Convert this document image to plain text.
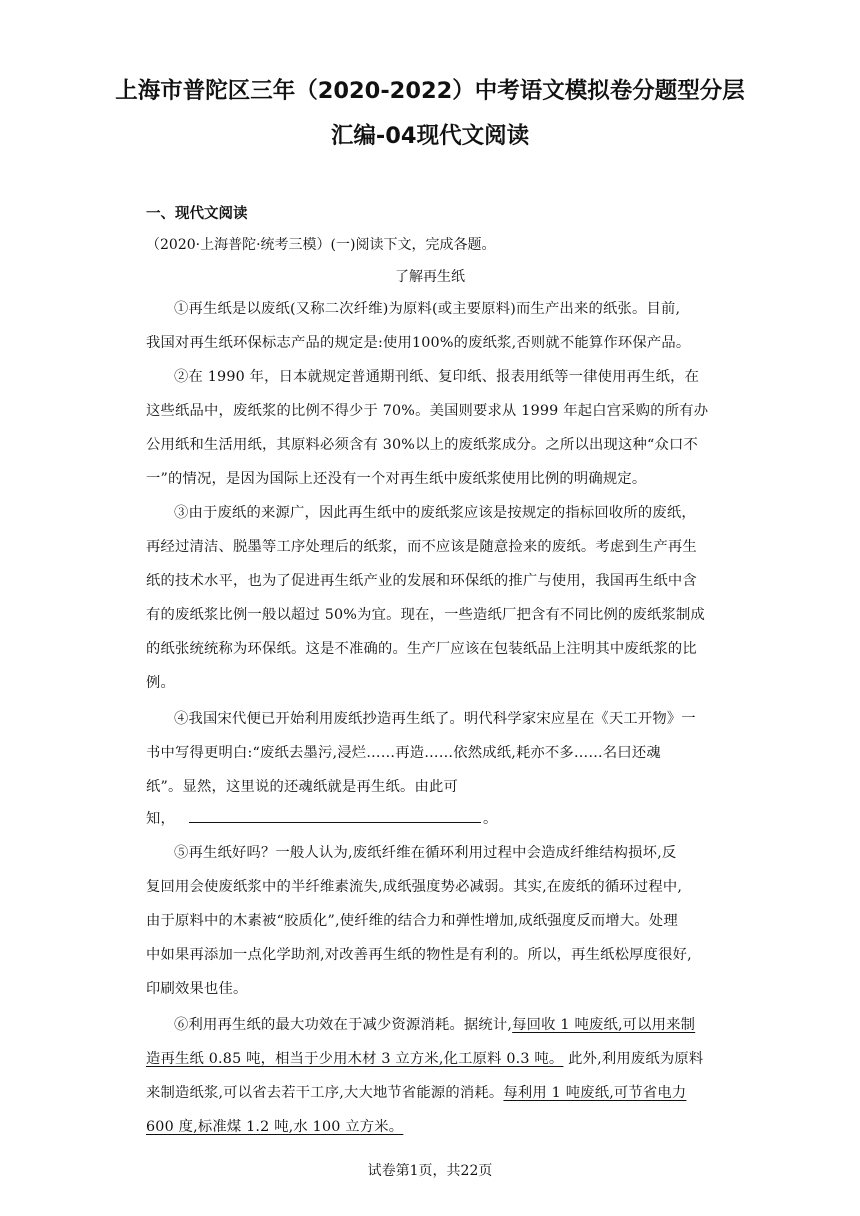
上海市普陀区三年（2020-2022）中考语文模拟卷分题型分层
汇编-04现代文阅读
一、现代文阅读
（2020·上海普陀·统考三模）(一)阅读下文，完成各题。
了解再生纸
①再生纸是以废纸(又称二次纤维)为原料(或主要原料)而生产出来的纸张。目前,
我国对再生纸环保标志产品的规定是:使用100%的废纸浆,否则就不能算作环保产品。
②在 1990 年，日本就规定普通期刊纸、复印纸、报表用纸等一律使用再生纸，在
这些纸品中，废纸浆的比例不得少于 70%。美国则要求从 1999 年起白宫采购的所有办
公用纸和生活用纸，其原料必须含有 30%以上的废纸浆成分。之所以出现这种“众口不
一”的情况，是因为国际上还没有一个对再生纸中废纸浆使用比例的明确规定。
③由于废纸的来源广，因此再生纸中的废纸浆应该是按规定的指标回收所的废纸，
再经过清洁、脱墨等工序处理后的纸浆，而不应该是随意捡来的废纸。考虑到生产再生
纸的技术水平，也为了促进再生纸产业的发展和环保纸的推广与使用，我国再生纸中含
有的废纸浆比例一般以超过 50%为宜。现在，一些造纸厂把含有不同比例的废纸浆制成
的纸张统统称为环保纸。这是不准确的。生产厂应该在包装纸品上注明其中废纸浆的比
例。
④我国宋代便已开始利用废纸抄造再生纸了。明代科学家宋应星在《天工开物》一
书中写得更明白:“废纸去墨污,浸烂……再造……依然成纸,耗亦不多……名曰还魂
纸”。显然，这里说的还魂纸就是再生纸。由此可
知，	。
⑤再生纸好吗？一般人认为,废纸纤维在循环利用过程中会造成纤维结构损坏,反
复回用会使废纸浆中的半纤维素流失,成纸强度势必减弱。其实,在废纸的循环过程中,
由于原料中的木素被“胶质化”,使纤维的结合力和弹性增加,成纸强度反而增大。处理
中如果再添加一点化学助剂,对改善再生纸的物性是有利的。所以，再生纸松厚度很好,
印刷效果也佳。
⑥利用再生纸的最大功效在于减少资源消耗。据统计,每回收 1 吨废纸,可以用来制
造再生纸 0.85 吨，相当于少用木材 3 立方米,化工原料 0.3 吨。 此外,利用废纸为原料
来制造纸浆,可以省去若干工序,大大地节省能源的消耗。每利用 1 吨废纸,可节省电力
600 度,标准煤 1.2 吨,水 100 立方米。
试卷第1页，共22页
